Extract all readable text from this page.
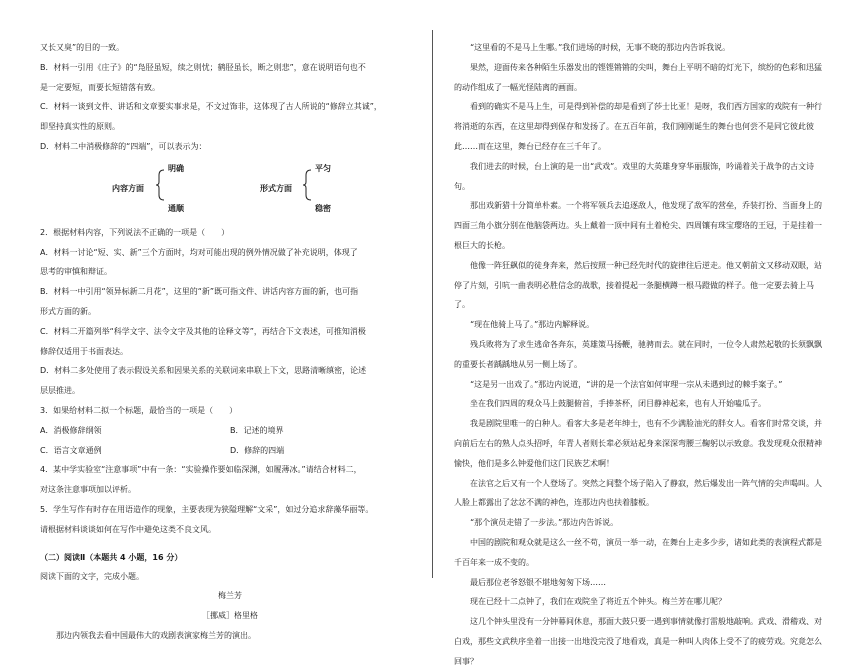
又长又臭”的目的一致。

B．材料一引用《庄子》的“凫胫虽短，续之则忧；鹤胫虽长，断之则悲”，意在说明语句也不

是一定要短，而要长短错落有致。

C．材料一谈到文件、讲话和文章要实事求是，不文过饰非，这体现了古人所说的“修辞立其诚”，

即坚持真实性的原则。

D．材料二中消极修辞的“四端”，可以表示为：

内容方面
明确
通顺
形式方面
平匀
稳密

2．根据材料内容，下列说法不正确的一项是（　　）

A．材料一讨论“短、实、新”三个方面时，均对可能出现的例外情况做了补充说明，体现了

思考的审慎和辩证。

B．材料一中引用“领异标新二月花”，这里的“新”既可指文件、讲话内容方面的新，也可指

形式方面的新。

C．材料二开篇列举“科学文字、法令文字及其他的诠释文等”，再结合下文表述，可推知消极

修辞仅适用于书面表达。

D．材料二多处使用了表示假设关系和因果关系的关联词来串联上下文，思路清晰缜密，论述

层层推进。

3．如果给材料二拟一个标题，最恰当的一项是（　　）

A．消极修辞纲领	B．记述的境界
C．语言文章通例	D．修辞的四端

4．某中学实验室“注意事项”中有一条：“实验操作要如临深渊，如履薄冰。”请结合材料二，

对这条注意事项加以评析。

5．学生写作有时存在用语造作的现象，主要表现为狭隘理解“文采”，如过分追求辞藻华丽等。

请根据材料谈谈如何在写作中避免这类不良文风。

（二）阅读Ⅱ（本题共 4 小题，16 分）

阅读下面的文字，完成小题。

梅兰芳

［挪威］格里格

那边内领我去看中国最伟大的戏剧表演家梅兰芳的演出。

“这里看的不是马上生哪。”我们进场的时候，无事不晓的那边内告诉我说。

果然，迎面传来各种陌生乐器发出的铿铿锵锵的尖叫，舞台上平明不暗的灯光下，缤纷的色彩和迅猛的动作组成了一幅光怪陆离的画面。

看到的确实不是马上生，可是得到补偿的却是看到了莎士比亚！是呀，我们西方国家的戏院有一种行将消逝的东西，在这里却得到保存和发扬了。在五百年前，我们刚刚诞生的舞台也何尝不是同它彼此彼此……而在这里，舞台已经存在三千年了。

我们进去的时候，台上演的是一出“武戏”。戏里的大英雄身穿华丽服饰，吟诵着关于战争的古文诗句。

那出戏新猎十分简单朴素。一个将军领兵去追逐敌人，他发现了敌军的营垒，乔装打扮、当面身上的四面三角小旗分别在他脑袋两边。头上戴着一顶中间有土着枪尖、四周镶有珠宝璎珞的王冠，于是挂着一根巨大的长枪。

他像一阵狂飙似的徒身奔来，然后按照一种已经先时代的旋律往后逆走。他又朝前文又移动双眼，站停了片刻，引吭一曲表明必胜信念的战歌，接着提起一条腿横蹲一根马蹬做的样子。他一定要去骑上马了。

“现在他骑上马了。”那边内解释说。

残兵败将为了求生逃命各奔东，英雄策马扬鞭，驰骋而去。就在同时，一位令人肃然起敬的长须飘飘的重要长者踽踽地从另一侧上场了。

“这是另一出戏了。”那边内说道，“讲的是一个法官如何审理一宗从未遇到过的棘手案子。”

坐在我们四周的观众马上鼓腿俯首，手捧茶杯，闭目静神起来，也有人开始嗑瓜子。

我是剧院里唯一的白种人。看客大多是老年绅士，也有不少满脸油光的胖女人。看客们时常交谈，并向前后左右的熟人点头招呼，年青人者则长辈必须站起身来深深弯腰三鞠躬以示致意。我发现观众很精神愉快，他们是多么钟爱他们这门民族艺术啊！

在法官之后又有一个人登场了。突然之间整个场子陷入了静寂，然后爆发出一阵气情的尖声喝叫。人人脸上都露出了忿忿不满的神色，连那边内也扶着膝板。

“那个演员走错了一步法。”那边内告诉说。

中国的剧院和观众就是这么一丝不苟，演员一举一动，在舞台上走多少步，诸如此类的表演程式都是千百年来一成不变的。

最后那位老爷怒银不堪地匆匆下场……

现在已经十二点钟了，我们在戏院坐了将近五个钟头。梅兰芳在哪儿呢？

这几个钟头里没有一分钟幕间休息，那面大鼓只要一遇到事情就像打雷般地敲响。武戏、滑稽戏、对白戏，那些文武秩序坐着一出接一出地没完没了地看戏，真是一种叫人肉体上受不了的疲劳戏。究竟怎么回事？
